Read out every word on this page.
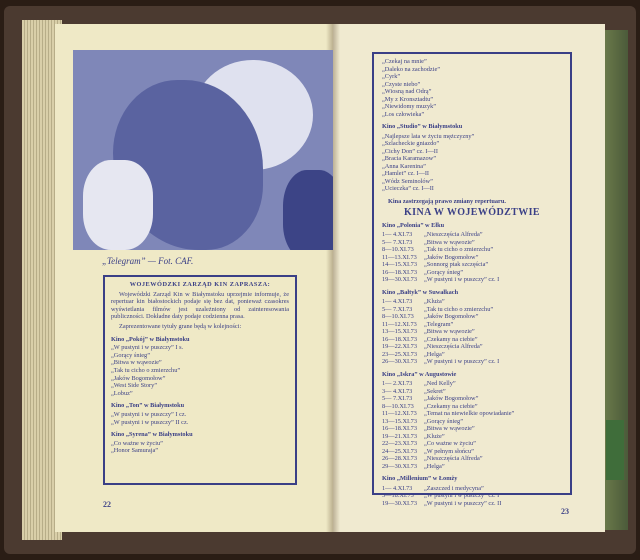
„Telegram” — Fot. CAF.
WOJEWÓDZKI ZARZĄD KIN ZAPRASZA:

Wojewódzki Zarząd Kin w Białymstoku uprzejmie informuje, że repertuar kin białostockich podaje się bez dat, ponieważ czasokres wyświetlania filmów jest uzależniony od zainteresowania publiczności. Dokładne daty podaje codzienna prasa.

Zaprezentowane tytuły grane będą w kolejności:

Kino „Pokój” w Białymstoku
„W pustyni i w puszczy” I s.
„Gorący śnieg”
„Bitwa w wąwozie”
„Tak tu cicho o zmierzchu”
„Jaków Bogomołow”
„West Side Story”
„Lobuz”
Kino „Ton” w Białymstoku
„W pustyni i w puszczy” I cz.
„W pustyni i w puszczy” II cz.
Kino „Syrena” w Białymstoku
„Co ważne w życiu”
„Honor Samuraja”
22
„Czekaj na mnie”
„Daleko na zachodzie”
„Cyrk”
„Czyste niebo”
„Wiosną nad Odrą”
„My z Kronsztadtu”
„Niewidomy muzyk”
„Los człowieka”
Kino „Studio” w Białymstoku
„Najlepsze lata w życiu mężczyzny”
„Szlacheckie gniazdo”
„Cichy Don” cz. I—II
„Bracia Karamazow”
„Anna Karenina”
„Hamlet” cz. I—II
„Wódz Seminolów”
„Ucieczka” cz. I—II
Kina zastrzegają prawo zmiany repertuaru.
KINA W WOJEWÓDZTWIE
Kino „Polonia” w Ełku
1— 4.XI.73	„Nieszczęścia Alfreda”
5— 7.XI.73	„Bitwa w wąwozie”
8—10.XI.73	„Tak tu cicho o zmierzchu”
11—13.XI.73	„Jaków Bogomołow”
14—15.XI.73	„Sonnorg ptak szczęścia”
16—18.XI.73	„Gorący śnieg”
19—30.XI.73	„W pustyni i w puszczy” cz. I
Kino „Bałtyk” w Suwałkach
1— 4.XI.73	„Kluża”
5— 7.XI.73	„Tak tu cicho o zmierzchu”
8—10.XI.73	„Jaków Bogomołow”
11—12.XI.73	„Telegram”
13—15.XI.73	„Bitwa w wąwozie”
16—18.XI.73	„Czekamy na ciebie”
19—22.XI.73	„Nieszczęścia Alfreda”
23—25.XI.73	„Helga”
26—30.XI.73	„W pustyni i w puszczy” cz. I
Kino „Iskra” w Augustowie
1— 2.XI.73	„Ned Kelly”
3— 4.XI.73	„Sekret”
5— 7.XI.73	„Jaków Bogomołow”
8—10.XI.73	„Czekamy na ciebie”
11—12.XI.73	„Temat na niewielkie opowiadanie”
13—15.XI.73	„Gorący śnieg”
16—18.XI.73	„Bitwa w wąwozie”
19—21.XI.73	„Kluże”
22—23.XI.73	„Co ważne w życiu”
24—25.XI.73	„W pełnym słońcu”
26—28.XI.73	„Nieszczęścia Alfreda”
29—30.XI.73	„Helga”
Kino „Millenium” w Łomży
1— 4.XI.73	„Zaszczed i medycyna”
5—18.XI.73	„W pustyni i w puszczy” cz. I
19—30.XI.73	„W pustyni i w puszczy” cz. II
23
